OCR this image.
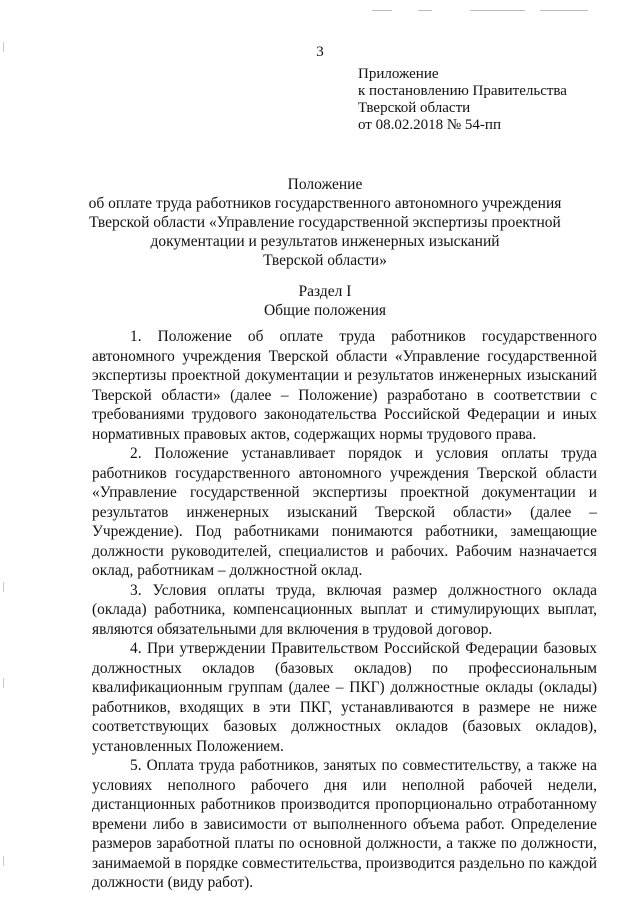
3
Приложение
к постановлению Правительства
Тверской области
от 08.02.2018 № 54-пп
Положение
об оплате труда работников государственного автономного учреждения
Тверской области «Управление государственной экспертизы проектной
документации и результатов инженерных изысканий
Тверской области»
Раздел I
Общие положения

1. Положение об оплате труда работников государственного автономного учреждения Тверской области «Управление государственной экспертизы проектной документации и результатов инженерных изысканий Тверской области» (далее – Положение) разработано в соответствии с требованиями трудового законодательства Российской Федерации и иных нормативных правовых актов, содержащих нормы трудового права.

2. Положение устанавливает порядок и условия оплаты труда работников государственного автономного учреждения Тверской области «Управление государственной экспертизы проектной документации и результатов инженерных изысканий Тверской области» (далее – Учреждение). Под работниками понимаются работники, замещающие должности руководителей, специалистов и рабочих. Рабочим назначается оклад, работникам – должностной оклад.

3. Условия оплаты труда, включая размер должностного оклада (оклада) работника, компенсационных выплат и стимулирующих выплат, являются обязательными для включения в трудовой договор.

4. При утверждении Правительством Российской Федерации базовых должностных окладов (базовых окладов) по профессиональным квалификационным группам (далее – ПКГ) должностные оклады (оклады) работников, входящих в эти ПКГ, устанавливаются в размере не ниже соответствующих базовых должностных окладов (базовых окладов), установленных Положением.

5. Оплата труда работников, занятых по совместительству, а также на условиях неполного рабочего дня или неполной рабочей недели, дистанционных работников производится пропорционально отработанному времени либо в зависимости от выполненного объема работ. Определение размеров заработной платы по основной должности, а также по должности, занимаемой в порядке совместительства, производится раздельно по каждой должности (виду работ).
